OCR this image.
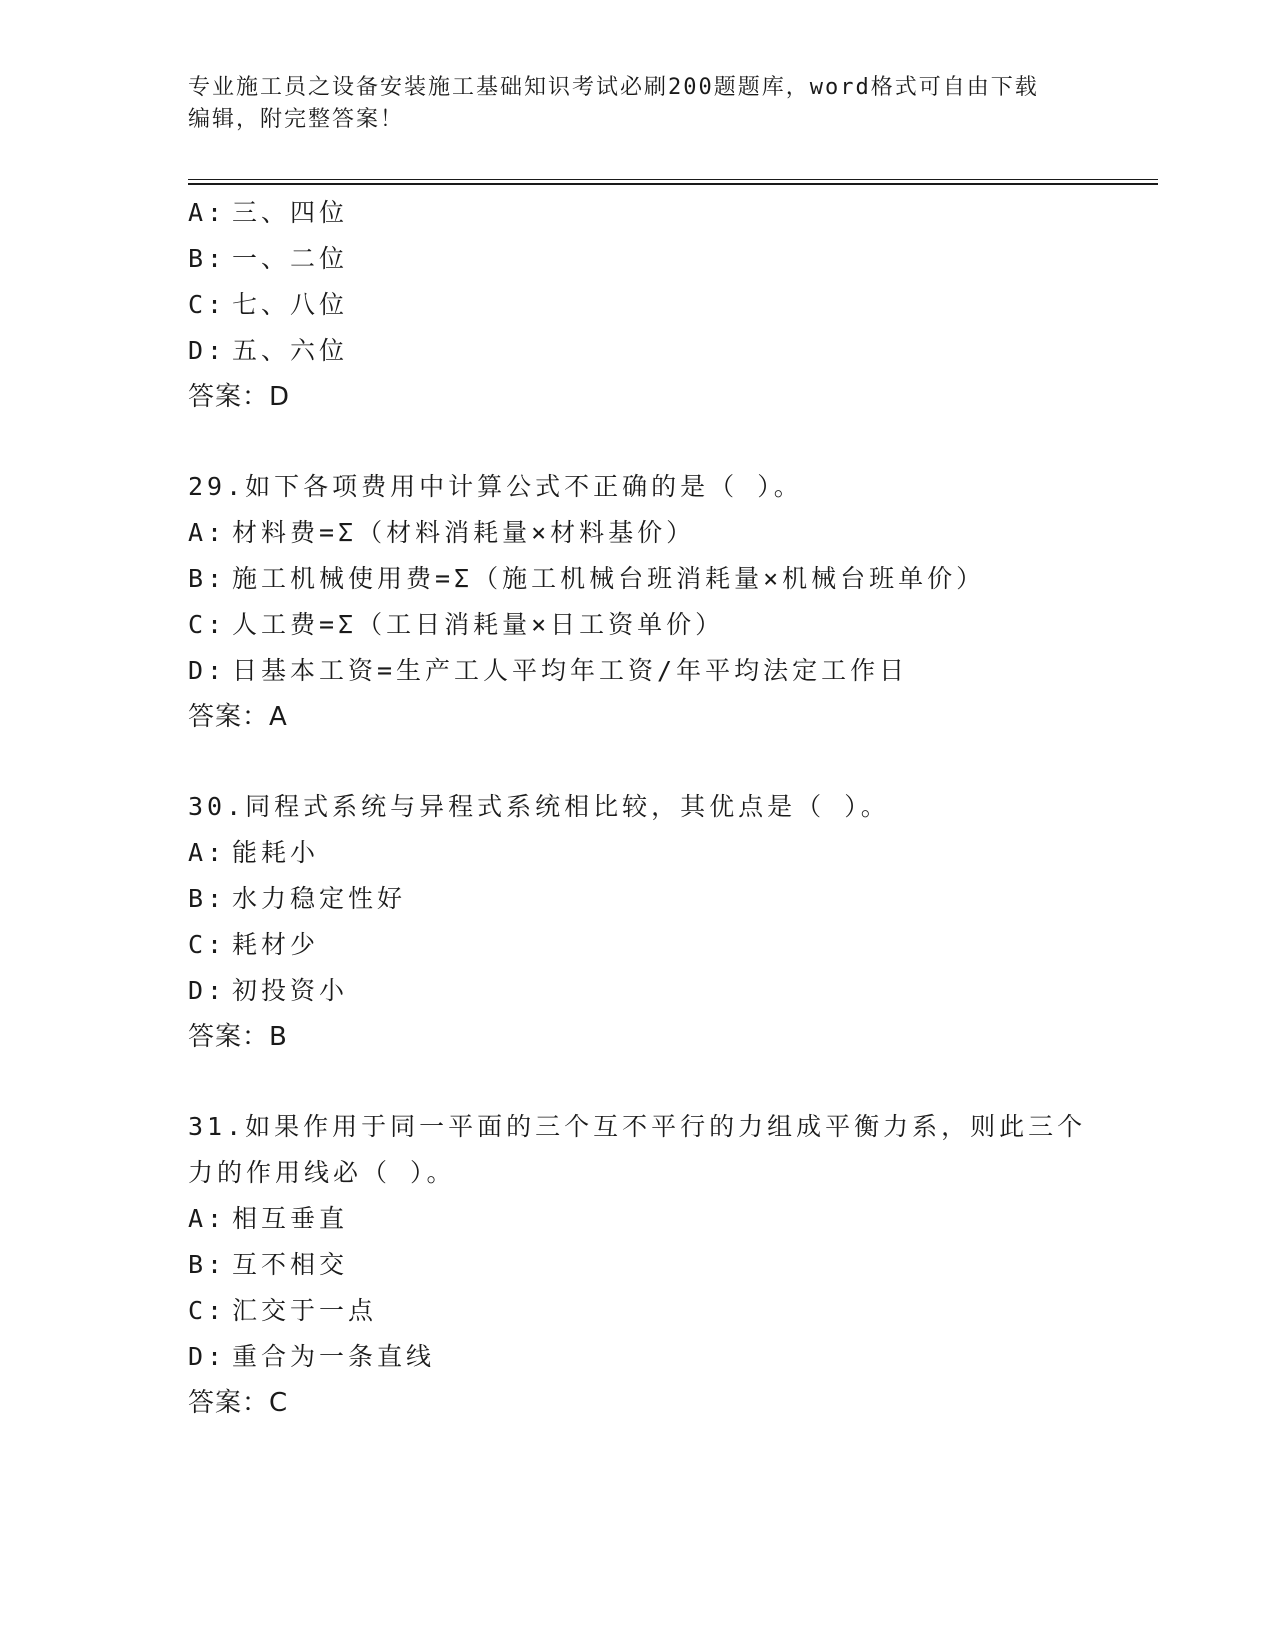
专业施工员之设备安装施工基础知识考试必刷200题题库，word格式可自由下载
编辑，附完整答案！
A: 三、四位
B: 一、二位
C: 七、八位
D: 五、六位
答案：D
29.如下各项费用中计算公式不正确的是（ ）。
A: 材料费=Σ（材料消耗量×材料基价）
B: 施工机械使用费=Σ（施工机械台班消耗量×机械台班单价）
C: 人工费=Σ（工日消耗量×日工资单价）
D: 日基本工资=生产工人平均年工资/年平均法定工作日
答案：A
30.同程式系统与异程式系统相比较，其优点是（ ）。
A: 能耗小
B: 水力稳定性好
C: 耗材少
D: 初投资小
答案：B
31.如果作用于同一平面的三个互不平行的力组成平衡力系，则此三个
力的作用线必（ ）。
A: 相互垂直
B: 互不相交
C: 汇交于一点
D: 重合为一条直线
答案：C
